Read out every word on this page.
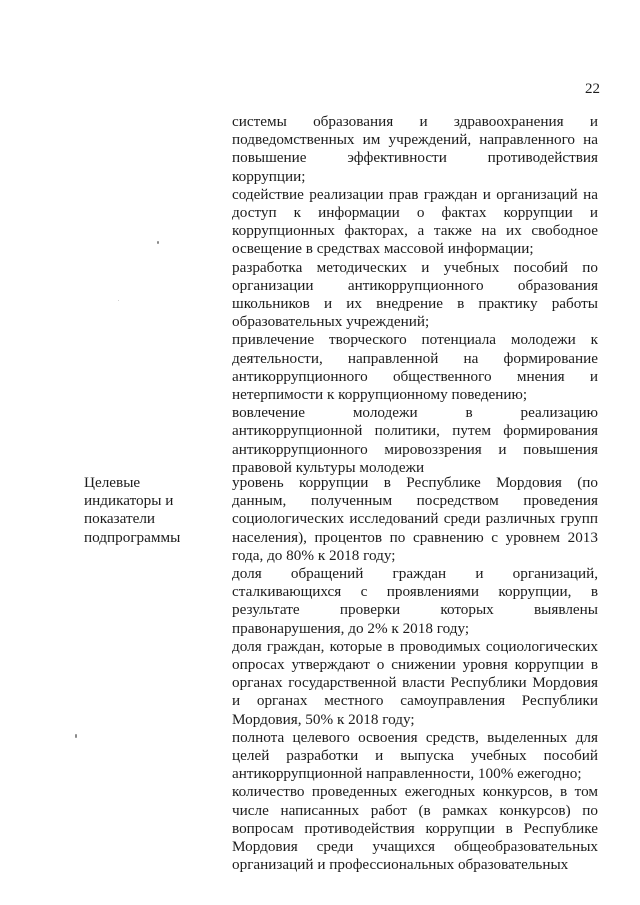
22

системы образования и здравоохранения и подведомственных им учреждений, направленного на повышение эффективности противодействия коррупции;

содействие реализации прав граждан и организаций на доступ к информации о фактах коррупции и коррупционных факторах, а также на их свободное освещение в средствах массовой информации;

разработка методических и учебных пособий по организации антикоррупционного образования школьников и их внедрение в практику работы образовательных учреждений;

привлечение творческого потенциала молодежи к деятельности, направленной на формирование антикоррупционного общественного мнения и нетерпимости к коррупционному поведению;

вовлечение молодежи в реализацию антикоррупционной политики, путем формирования антикоррупционного мировоззрения и повышения правовой культуры молодежи

Целевые
индикаторы и
показатели
подпрограммы

уровень коррупции в Республике Мордовия (по данным, полученным посредством проведения социологических исследований среди различных групп населения), процентов по сравнению с уровнем 2013 года, до 80% к 2018 году;

доля обращений граждан и организаций, сталкивающихся с проявлениями коррупции, в результате проверки которых выявлены правонарушения, до 2% к 2018 году;

доля граждан, которые в проводимых социологических опросах утверждают о снижении уровня коррупции в органах государственной власти Республики Мордовия и органах местного самоуправления Республики Мордовия, 50% к 2018 году;

полнота целевого освоения средств, выделенных для целей разработки и выпуска учебных пособий антикоррупционной направленности, 100% ежегодно;

количество проведенных ежегодных конкурсов, в том числе написанных работ (в рамках конкурсов) по вопросам противодействия коррупции в Республике Мордовия среди учащихся общеобразовательных организаций и профессиональных образовательных
